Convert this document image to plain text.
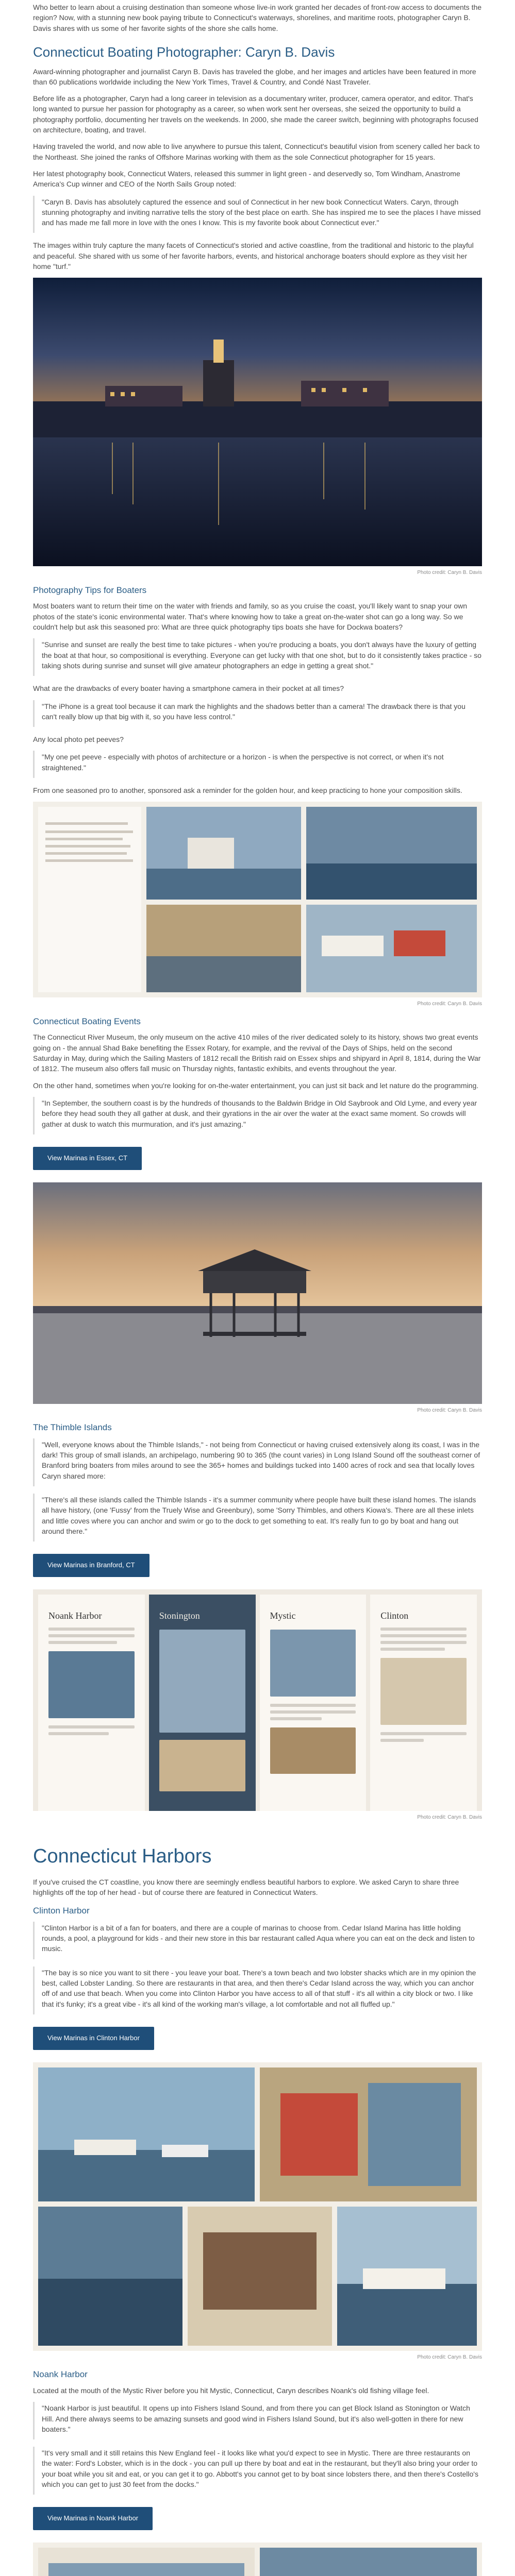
Who better to learn about a cruising destination than someone whose live-in work granted her decades of front-row access to documents the region? Now, with a stunning new book paying tribute to Connecticut's waterways, shorelines, and maritime roots, photographer Caryn B. Davis shares with us some of her favorite sights of the shore she calls home.

Connecticut Boating Photographer: Caryn B. Davis

Award-winning photographer and journalist Caryn B. Davis has traveled the globe, and her images and articles have been featured in more than 60 publications worldwide including the New York Times, Travel & Country, and Condé Nast Traveler.

Before life as a photographer, Caryn had a long career in television as a documentary writer, producer, camera operator, and editor. That's long wanted to pursue her passion for photography as a career, so when work sent her overseas, she seized the opportunity to build a photography portfolio, documenting her travels on the weekends. In 2000, she made the career switch, beginning with photographs focused on architecture, boating, and travel.

Having traveled the world, and now able to live anywhere to pursue this talent, Connecticut's beautiful vision from scenery called her back to the Northeast. She joined the ranks of Offshore Marinas working with them as the sole Connecticut photographer for 15 years.

Her latest photography book, Connecticut Waters, released this summer in light green - and deservedly so, Tom Windham, Anastrome America's Cup winner and CEO of the North Sails Group noted:

"Caryn B. Davis has absolutely captured the essence and soul of Connecticut in her new book Connecticut Waters. Caryn, through stunning photography and inviting narrative tells the story of the best place on earth. She has inspired me to see the places I have missed and has made me fall more in love with the ones I know. This is my favorite book about Connecticut ever."

The images within truly capture the many facets of Connecticut's storied and active coastline, from the traditional and historic to the playful and peaceful. She shared with us some of her favorite harbors, events, and historical anchorage boaters should explore as they visit her home "turf."

Photo credit: Caryn B. Davis

Photography Tips for Boaters

Most boaters want to return their time on the water with friends and family, so as you cruise the coast, you'll likely want to snap your own photos of the state's iconic environmental water. That's where knowing how to take a great on-the-water shot can go a long way. So we couldn't help but ask this seasoned pro: What are three quick photography tips boats she have for Dockwa boaters?

"Sunrise and sunset are really the best time to take pictures - when you're producing a boats, you don't always have the luxury of getting the boat at that hour, so compositional is everything. Everyone can get lucky with that one shot, but to do it consistently takes practice - so taking shots during sunrise and sunset will give amateur photographers an edge in getting a great shot."

What are the drawbacks of every boater having a smartphone camera in their pocket at all times?

"The iPhone is a great tool because it can mark the highlights and the shadows better than a camera! The drawback there is that you can't really blow up that big with it, so you have less control."

Any local photo pet peeves?

"My one pet peeve - especially with photos of architecture or a horizon - is when the perspective is not correct, or when it's not straightened."

From one seasoned pro to another, sponsored ask a reminder for the golden hour, and keep practicing to hone your composition skills.

Photo credit: Caryn B. Davis

Connecticut Boating Events

The Connecticut River Museum, the only museum on the active 410 miles of the river dedicated solely to its history, shows two great events going on - the annual Shad Bake benefiting the Essex Rotary, for example, and the revival of the Days of Ships, held on the second Saturday in May, during which the Sailing Masters of 1812 recall the British raid on Essex ships and shipyard in April 8, 1814, during the War of 1812. The museum also offers fall music on Thursday nights, fantastic exhibits, and events throughout the year.

On the other hand, sometimes when you're looking for on-the-water entertainment, you can just sit back and let nature do the programming.

"In September, the southern coast is by the hundreds of thousands to the Baldwin Bridge in Old Saybrook and Old Lyme, and every year before they head south they all gather at dusk, and their gyrations in the air over the water at the exact same moment. So crowds will gather at dusk to watch this murmuration, and it's just amazing."

View Marinas in Essex, CT

Photo credit: Caryn B. Davis

The Thimble Islands

"Well, everyone knows about the Thimble Islands," - not being from Connecticut or having cruised extensively along its coast, I was in the dark! This group of small islands, an archipelago, numbering 90 to 365 (the count varies) in Long Island Sound off the southeast corner of Branford bring boaters from miles around to see the 365+ homes and buildings tucked into 1400 acres of rock and sea that locally loves Caryn shared more:

"There's all these islands called the Thimble Islands - it's a summer community where people have built these island homes. The islands all have history, (one 'Fussy' from the Truely Wise and Greenbury), some 'Sorry Thimbles, and others Kiowa's. There are all these inlets and little coves where you can anchor and swim or go to the dock to get something to eat. It's really fun to go by boat and hang out around there."

View Marinas in Branford, CT
Noank Harbor	Stonington	Mystic	Clinton

Photo credit: Caryn B. Davis

Connecticut Harbors

If you've cruised the CT coastline, you know there are seemingly endless beautiful harbors to explore. We asked Caryn to share three highlights off the top of her head - but of course there are featured in Connecticut Waters.

Clinton Harbor

"Clinton Harbor is a bit of a fan for boaters, and there are a couple of marinas to choose from. Cedar Island Marina has little holding rounds, a pool, a playground for kids - and their new store in this bar restaurant called Aqua where you can eat on the deck and listen to music.

"The bay is so nice you want to sit there - you leave your boat. There's a town beach and two lobster shacks which are in my opinion the best, called Lobster Landing. So there are restaurants in that area, and then there's Cedar Island across the way, which you can anchor off of and use that beach. When you come into Clinton Harbor you have access to all of that stuff - it's all within a city block or two. I like that it's funky; it's a great vibe - it's all kind of the working man's village, a lot comfortable and not all fluffed up."

View Marinas in Clinton Harbor

Photo credit: Caryn B. Davis

Noank Harbor

Located at the mouth of the Mystic River before you hit Mystic, Connecticut, Caryn describes Noank's old fishing village feel.

"Noank Harbor is just beautiful. It opens up into Fishers Island Sound, and from there you can get Block Island as Stonington or Watch Hill. And there always seems to be amazing sunsets and good wind in Fishers Island Sound, but it's also well-gotten in there for new boaters."

"It's very small and it still retains this New England feel - it looks like what you'd expect to see in Mystic. There are three restaurants on the water: Ford's Lobster, which is in the dock - you can pull up there by boat and eat in the restaurant, but they'll also bring your order to your boat while you sit and eat, or you can get it to go. Abbott's you cannot get to by boat since lobsters there, and then there's Costello's which you can get to just 30 feet from the docks."

View Marinas in Noank Harbor
